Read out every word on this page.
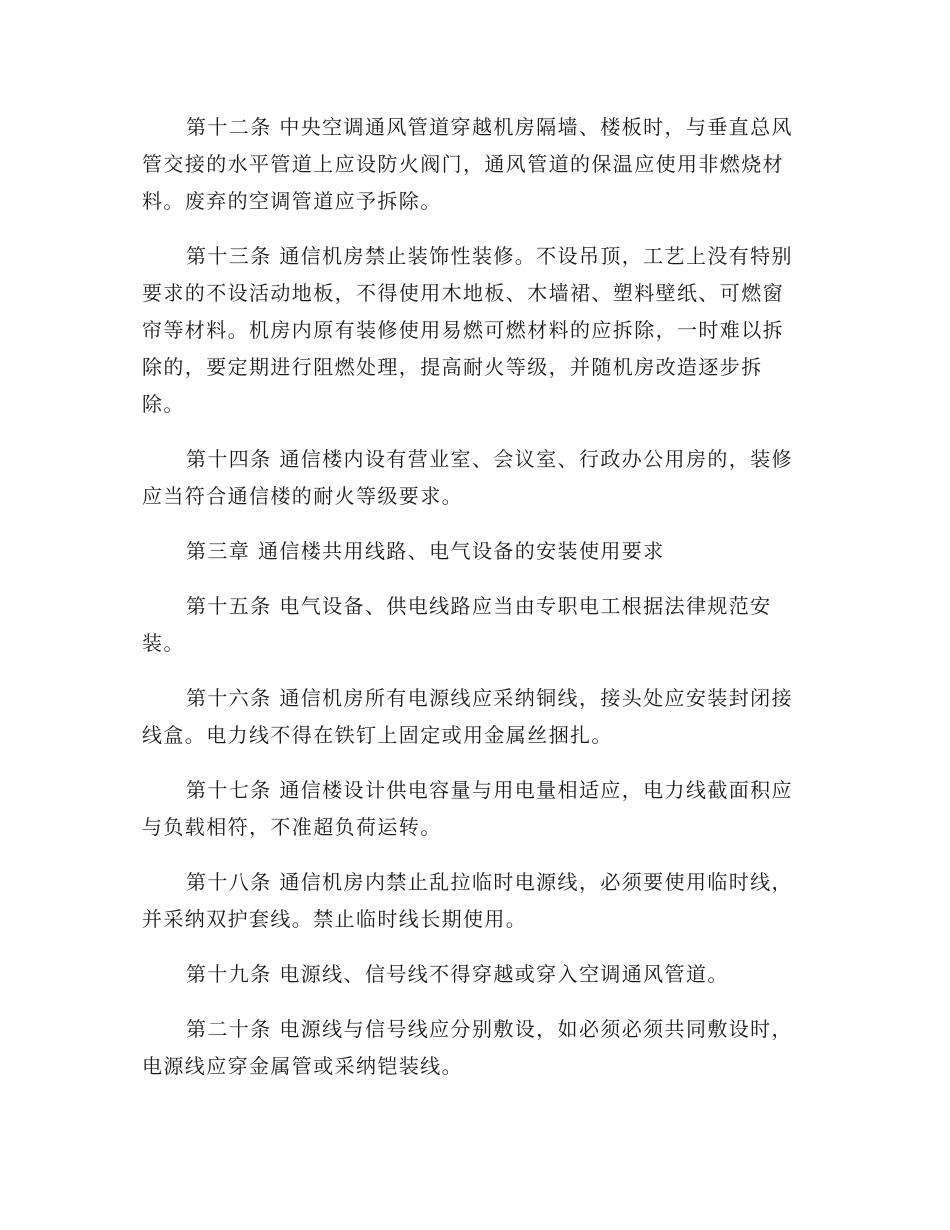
第十二条 中央空调通风管道穿越机房隔墙、楼板时，与垂直总风
管交接的水平管道上应设防火阀门，通风管道的保温应使用非燃烧材
料。废弃的空调管道应予拆除。
第十三条 通信机房禁止装饰性装修。不设吊顶，工艺上没有特别
要求的不设活动地板，不得使用木地板、木墙裙、塑料壁纸、可燃窗
帘等材料。机房内原有装修使用易燃可燃材料的应拆除，一时难以拆
除的，要定期进行阻燃处理，提高耐火等级，并随机房改造逐步拆
除。
第十四条 通信楼内设有营业室、会议室、行政办公用房的，装修
应当符合通信楼的耐火等级要求。
第三章 通信楼共用线路、电气设备的安装使用要求
第十五条 电气设备、供电线路应当由专职电工根据法律规范安
装。
第十六条 通信机房所有电源线应采纳铜线，接头处应安装封闭接
线盒。电力线不得在铁钉上固定或用金属丝捆扎。
第十七条 通信楼设计供电容量与用电量相适应，电力线截面积应
与负载相符，不准超负荷运转。
第十八条 通信机房内禁止乱拉临时电源线，必须要使用临时线，
并采纳双护套线。禁止临时线长期使用。
第十九条 电源线、信号线不得穿越或穿入空调通风管道。
第二十条 电源线与信号线应分别敷设，如必须必须共同敷设时，
电源线应穿金属管或采纳铠装线。
